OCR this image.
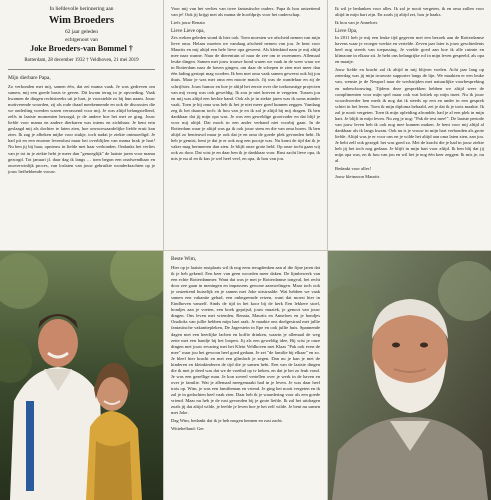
In liefdevolle herinnering aan
Wim Broeders
62 jaar geleden
echtgenoot van
Joke Broeders-van Bommel †
Rotterdam, 28 december 1932 † Veldhoven, 21 mei 2019
Mijn dierbare Papa,

Zo verbonden met mij, samen één, dat zei mama vaak. Je was gedreven om samen, mij een goede basis te geven. Dit kwam terug in je opvoeding. Vaak kwamen de dingen rechtstreeks uit je hart, je voorstelde zo bij hun naam. Jouw motiverende woorden, zij als rode draad meekennende en ook de discussies die we onderling voerden waren verrassend voor mij. Je was altijd belangstellend, zelfs in laatste momenten bezorgd, je de andere hoe het met ze ging. Jouw liefde voor mama en andere dierbaren was intens en zichtbaar. Je bent erin geslaagd mij als dochter te laten zien, hoe onvoorwaardelijke liefde eruit kan zien. Ik zag je afbeken mijke voor stukje, toch nadat je ziekte ontmoedigd. Je had pit en een enorme levenslust maar het overblijfen van mama brak je hart! Nu ben jij bij haar, opnieuw in liefde met haar verbonden. Ondanks het verlies van je tot in je ziekte hebt je meer dan "genoeglijk" de laatste jaren voor mama gezorgd. Tot januari jl. daar dag ik langs … toen begon een onafwendbaar en onoverwinlijk proces, van loslaten van jouw gebruikte wonderkrachten op je jouw liefhebbende vrouw.

Voor mij van het verlies van twee fantastische ouders. Papa ik hou ontzettend van je! Ook jij krijgt met als mama de hoofdprijs voor het ouderschap.

Liefs jouw Renata

Lieve Lieve opa,

Zes weken geleden stond ik hier ook. Toen moesten we afscheid nemen van mijn lieve oma. Helaas moeten we vandaag afscheid nemen van jou. Je bent voor Maurits en mij altijd een hele lieve opa geweest. Als kleinkind nam je mij altijd mee naar wanne. Naar de dierentuin of naar de zee om te zwemmen. Allemaal leuke dingen. Samen met jouw trouwe hond waren we vaak in de weer waar we in Rotterdam naar de haven gingen, om daar de schepen te zien met meer dan één lading gestopt mag worden. Ik ben met oma vaak samen geweest ook bij jou thuis. Maar je was met oma een mooie match. Jij was de wandelaar en zij de schrijfster. Jouw humor en hoe je altijd het eerste over die toekomstige projecten van mij vroeg was ook geweldig. Ik zou je niet hoeven te vergeten. Tussen jou en mij was altijd een hechte band. Ook als je in ziekte jaren was ik soms minder vaak. Toen je bij oma was heb ik het je niet meer goed kunnen zeggen. Vandaag zeg ik het daarom toch: ik hou van je en ik zal je altijd bij mij dragen. Ik ben dankbaar dat jij mijn opa was. Je was een geweldige grootvader en dat blijf je voor mij altijd. Dat moch in een ander verband niet voorbij gaan. In de Rotterdam waar je altijd was ga ik ook jouw stem en die van oma horen. Ik ben altijd zo benieuwd maar je ook dat je en oma de goede plek gevonden hebt. Ik heb je gemist, bent je dat je er ook nog een poosje was. Nu komt de tijd dat ik je vaker mag herinneren dan zien. Je blijft onze grote held. Op onze tocht gaan wij ook zo door. Dat wist je en daar ben ik je dankbaar voor. Rust zacht lieve opa, ik mis je nu al en ik kus je wel heel veel, en opa, ik hou van jou.

Ik wil je bedanken voor alles. Ik zal je nooit vergeten, ik en oma zullen voor altijd in mijn hart zijn. En zoals jij altijd zei, hou je haaks.

Ik hou van je Anneloes

Lieve Opa,

In 2011 heb je mij een leuke tijd gegeven met een bezoek aan de Rotterdamse havens waar je vroeger werkte en vertelde. Zeven jaar later is jouw geschiedenis heel nog steeds van toepassing. Je voelde goed aan hoe ik alle ruimte en klimzone in elkaar zit. Je hebt ons belangrijke rol in mijn leven gespeeld, als opa en maatje.

Jouw liefde en kracht zal ik altijd in mij blijven voelen. Acht jaar lang op zaterdag was jij mijn trouwste supporter langs de lijn. We maakten er een leuke van, wenste je de Neuporl naar de wedstrijden met natuurlijke voorbespreking en nabeschouwing. Tijdens deze gesprekken hebben we altijd weer de complimenten voor mijn spel maar ook wat kritiek op mijn inzet. Nu ik jouw woordvoerder ben merk ik nog dat ik steeds op een en ander in een gesprek schiet in het leven. Toen ik mijn diploma behaald, zei je dat ik je trots maakte. Ik zal je nooit vergeten. Toen ik mijn opleiding afrondde, had je al een plek in mijn hart. Je blijft in mijn leven. Nu zeg je nog: "Pak de rest mee!". De laatste periode van jouw leven heb ik ook nog mee kunnen maken. Je bent voor mij altijd al dankbaar als ik langs kwam. Ook nu is je vrouw in mijn hart verbonden als grote liefde. Altijd was je er voor ons en je wilde het altijd aan oma laten zien, aan jou. Je hebt zelf ook gezegd: het was goed zo. Met de kracht die je had in jouw ziekte heb jij het toch nog gedaan. Je blijft in mijn hart voor altijd. Ik ben blij dat jij mijn opa was, en ik hou van jou en wil het je nog één keer zeggen: Ik mis je, nu al.

Bedankt voor alles!

Jouw kleinzoon Maurits
Beste Wim,

Hier op je laatste rustplaats wil ik nog eens terugdenken aan al die fijne jaren dat ik je heb gekend. Een keer van geen woorden meer daken. De lijmbewerk van een echte Rotterdammer. Want dat was je met je Rotterdamse tongval, het recht door zee gaan in meningen en impassens gewone aanvoelingen. Maar toch ook je ontzettend huiselijk en je samen met Joke uitstraalde. Wat hebben we vaak samen een vakantie gehad, een onbegrensde reizen, want dat moest hier in Eindhoven vanzelf. Sinds de tijd in het koor bij de kerk Een lekkere stoel, hondjes aan je voeten, een boek geprijsd, jouw muziek, je genoot van jouw dingen. Ons leven met vrienden, Renata, Maurits en Anneloes en je hondjes Onaltoks van jullie hebben mijn hart raak. Je maakte ons doelgestraal met jullie fantastische vakantiepleken, De Jagerstein in Epe en ook jullie huis. Spannende dagen met een heerlijke lachen en koffie drinken, waarin je allemaal de weg zette met een handje bij het loopen. Jij als een geweldig idee, Bij wist je onze dingen met jouw ervaring met het Klein Veldhoven met Klaas "Pak ook even de mee" waar jou het gewoon heel goed gedaan. Je zei "de familie bij elkaar" en zo. Je bleef hier kracht en met een glimlach je zegen. Dan nu je kan je met de kinderen en kleinkinderen de tijd die je samen hebt. Een van de laatste dingen die ik met je deed was dat we de voetbal op tv keken, en dat je het zo leuk vond. Je was een gezellige man. Je kon zoveel vertellen over je werk in de haven en over je familie. Wat je allemaal meegemaakt had in je leven. Je was daar heel trots op. Wim, je was een familieman en vriend. Je ging het nooit vergeten en ik zal je in gedachten heel vaak zien. Daar heb ik je waardering voor als een goede vriend. Maar nu heb je de rust gevonden bij je grote liefde. Ik zal het uitdragen zoals jij dat altijd wilde, je leefde je leven hoe je het zelf wilde. Je bent nu samen met Joke.

Dag Wim, bedankt dat ik je heb mogen kennen en rust zacht.

Wittebelland: Ger
